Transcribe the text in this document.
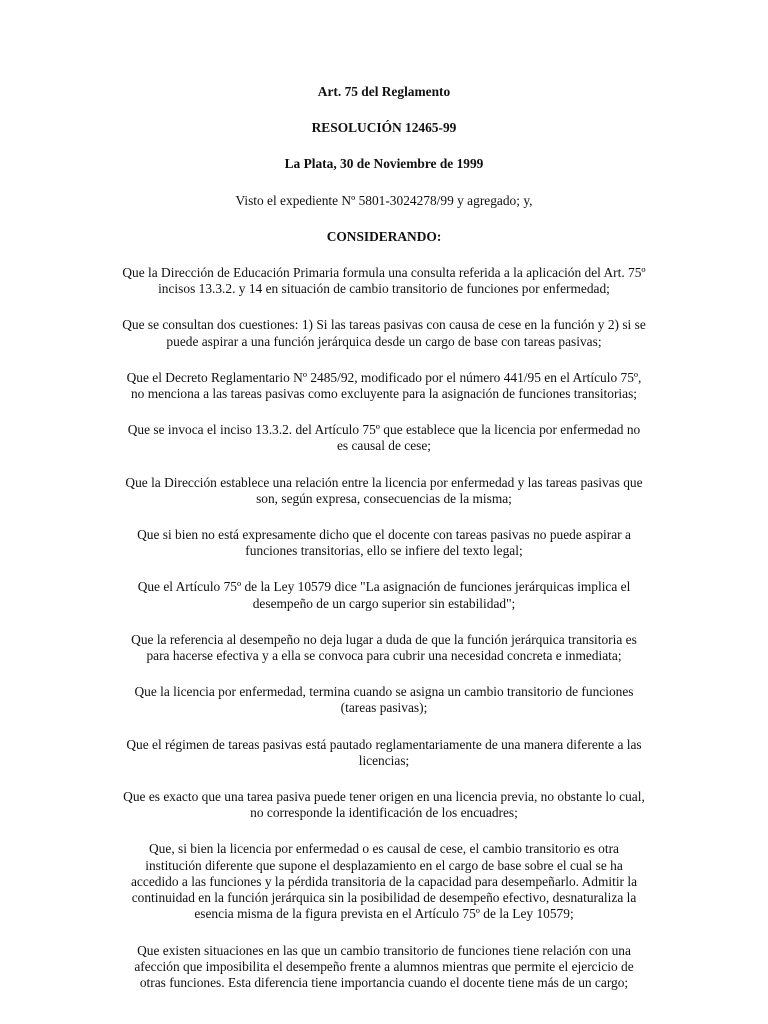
Art. 75 del Reglamento
RESOLUCIÓN 12465-99
La Plata, 30 de Noviembre de 1999
Visto el expediente Nº 5801-3024278/99 y agregado; y,
CONSIDERANDO:

Que la Dirección de Educación Primaria formula una consulta referida a la aplicación del Art. 75º incisos 13.3.2. y 14 en situación de cambio transitorio de funciones por enfermedad;

Que se consultan dos cuestiones: 1) Si las tareas pasivas con causa de cese en la función y 2) si se puede aspirar a una función jerárquica desde un cargo de base con tareas pasivas;

Que el Decreto Reglamentario Nº 2485/92, modificado por el número 441/95 en el Artículo 75º, no menciona a las tareas pasivas como excluyente para la asignación de funciones transitorias;

Que se invoca el inciso 13.3.2. del Artículo 75º que establece que la licencia por enfermedad no es causal de cese;

Que la Dirección establece una relación entre la licencia por enfermedad y las tareas pasivas que son, según expresa, consecuencias de la misma;

Que si bien no está expresamente dicho que el docente con tareas pasivas no puede aspirar a funciones transitorias, ello se infiere del texto legal;

Que el Artículo 75º de la Ley 10579 dice "La asignación de funciones jerárquicas implica el desempeño de un cargo superior sin estabilidad";

Que la referencia al desempeño no deja lugar a duda de que la función jerárquica transitoria es para hacerse efectiva y a ella se convoca para cubrir una necesidad concreta e inmediata;

Que la licencia por enfermedad, termina cuando se asigna un cambio transitorio de funciones (tareas pasivas);

Que el régimen de tareas pasivas está pautado reglamentariamente de una manera diferente a las licencias;

Que es exacto que una tarea pasiva puede tener origen en una licencia previa, no obstante lo cual, no corresponde la identificación de los encuadres;

Que, si bien la licencia por enfermedad o es causal de cese, el cambio transitorio es otra institución diferente que supone el desplazamiento en el cargo de base sobre el cual se ha accedido a las funciones y la pérdida transitoria de la capacidad para desempeñarlo. Admitir la continuidad en la función jerárquica sin la posibilidad de desempeño efectivo, desnaturaliza la esencia misma de la figura prevista en el Artículo 75º de la Ley 10579;

Que existen situaciones en las que un cambio transitorio de funciones tiene relación con una afección que imposibilita el desempeño frente a alumnos mientras que permite el ejercicio de otras funciones. Esta diferencia tiene importancia cuando el docente tiene más de un cargo;
